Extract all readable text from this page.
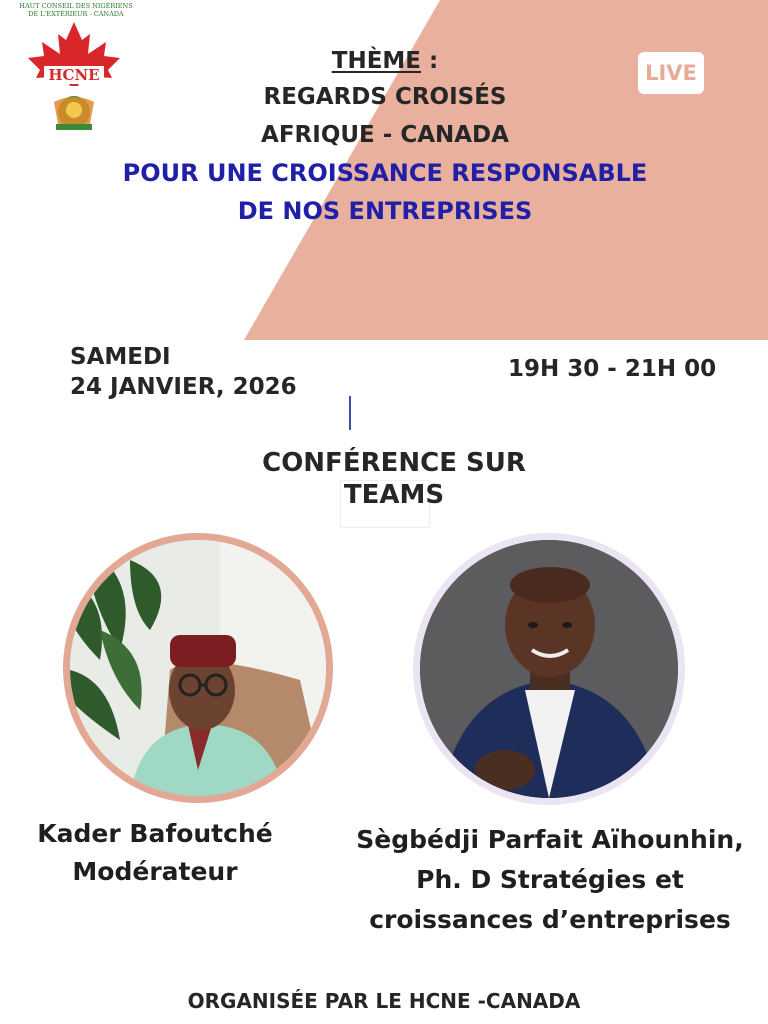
HAUT CONSEIL DES NIGÉRIENS
DE L'EXTÉRIEUR - CANADA
HCNE	LIVE
THÈME :
REGARDS CROISÉS
AFRIQUE - CANADA
POUR UNE CROISSANCE RESPONSABLE
DE NOS ENTREPRISES
SAMEDI
24 JANVIER, 2026
19H 30 - 21H 00
CONFÉRENCE SUR
TEAMS
Kader Bafoutché
Modérateur
Sègbédji Parfait Aïhounhin,
Ph. D Stratégies et
croissances d’entreprises
ORGANISÉE PAR LE HCNE -CANADA
